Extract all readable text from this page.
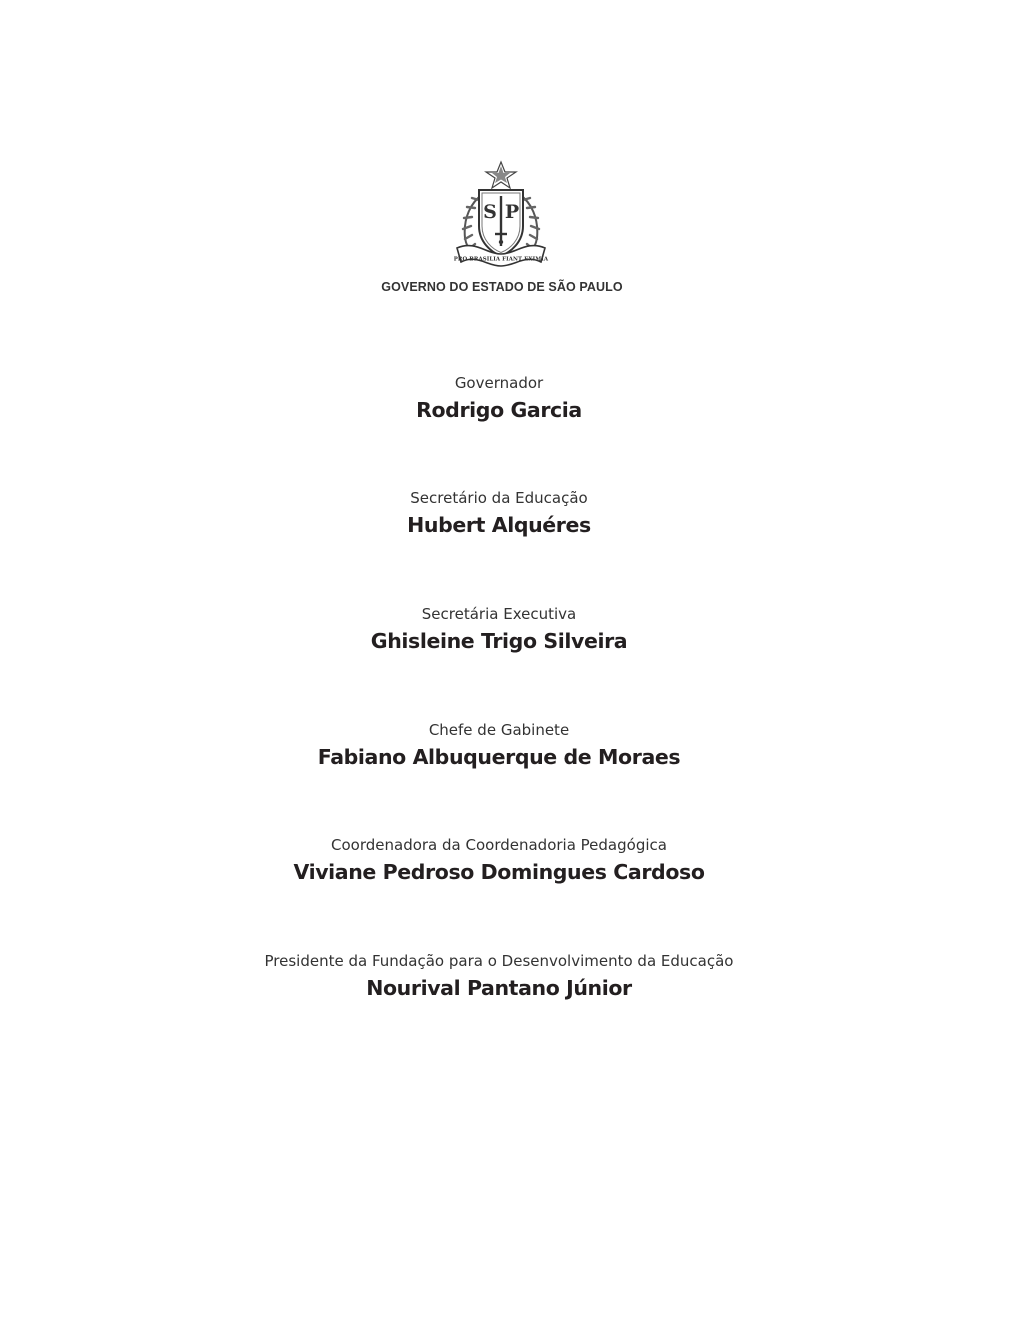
S P
PRO BRASILIA FIANT EXIMIA
GOVERNO DO ESTADO DE SÃO PAULO
Governador
Rodrigo Garcia
Secretário da Educação
Hubert Alquéres
Secretária Executiva
Ghisleine Trigo Silveira
Chefe de Gabinete
Fabiano Albuquerque de Moraes
Coordenadora da Coordenadoria Pedagógica
Viviane Pedroso Domingues Cardoso
Presidente da Fundação para o Desenvolvimento da Educação
Nourival Pantano Júnior
